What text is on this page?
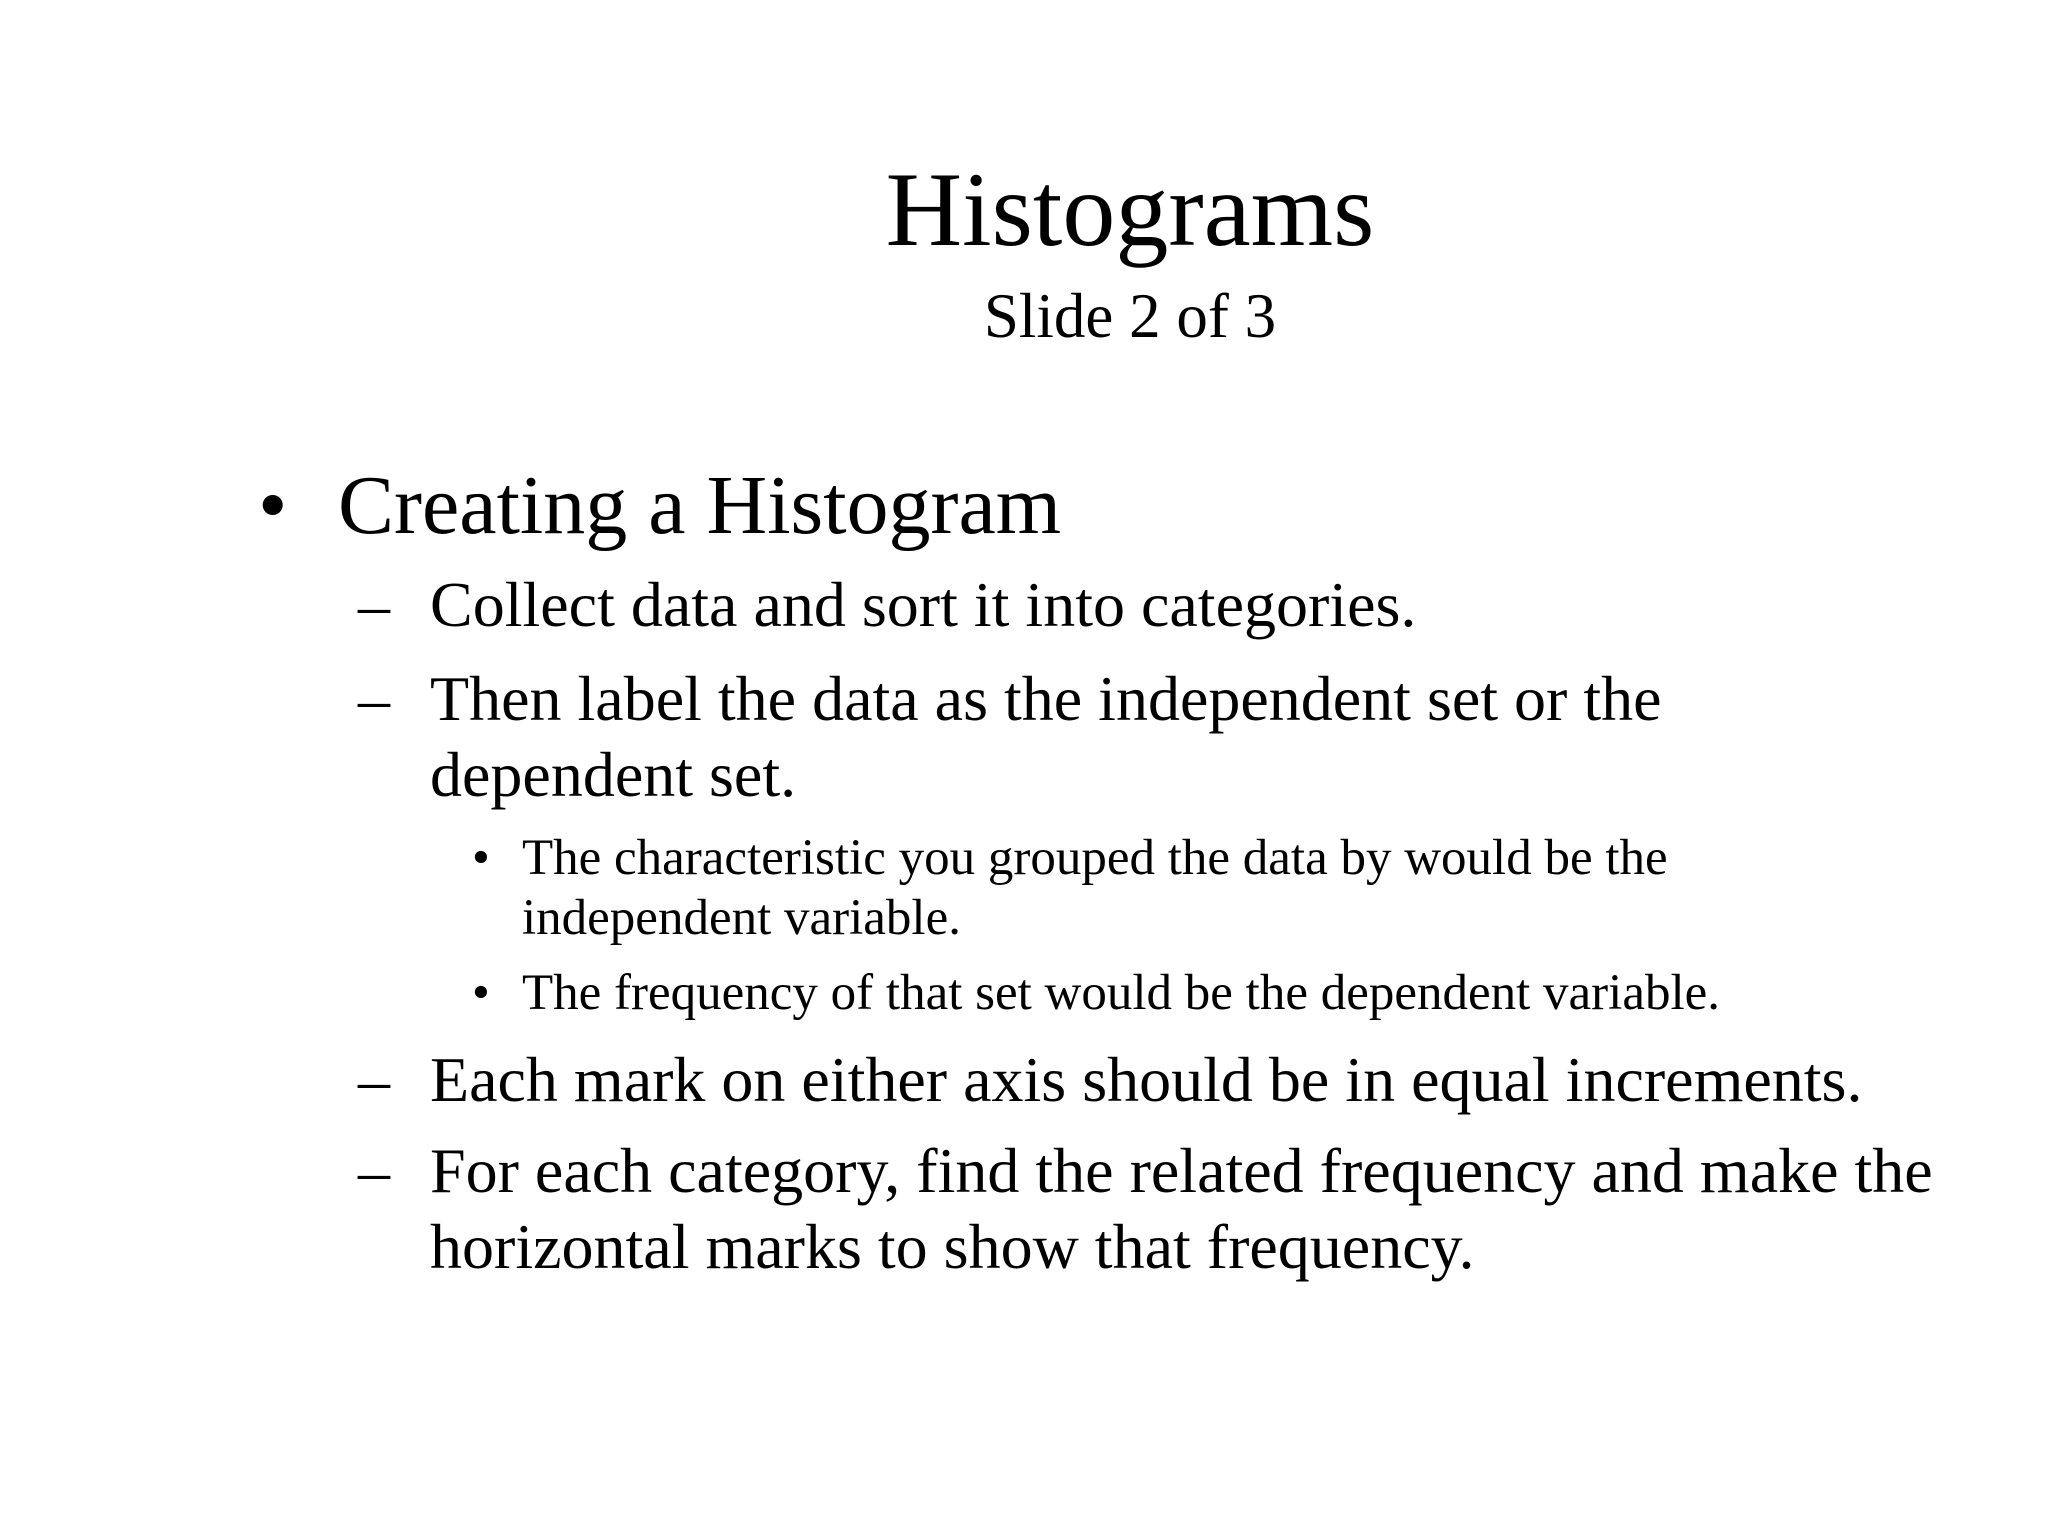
Histograms
Slide 2 of 3
• Creating a Histogram
– Collect data and sort it into categories.
– Then label the data as the independent set or the
dependent set.
• The characteristic you grouped the data by would be the
independent variable.
• The frequency of that set would be the dependent variable.
– Each mark on either axis should be in equal increments.
– For each category, find the related frequency and make the
horizontal marks to show that frequency.
